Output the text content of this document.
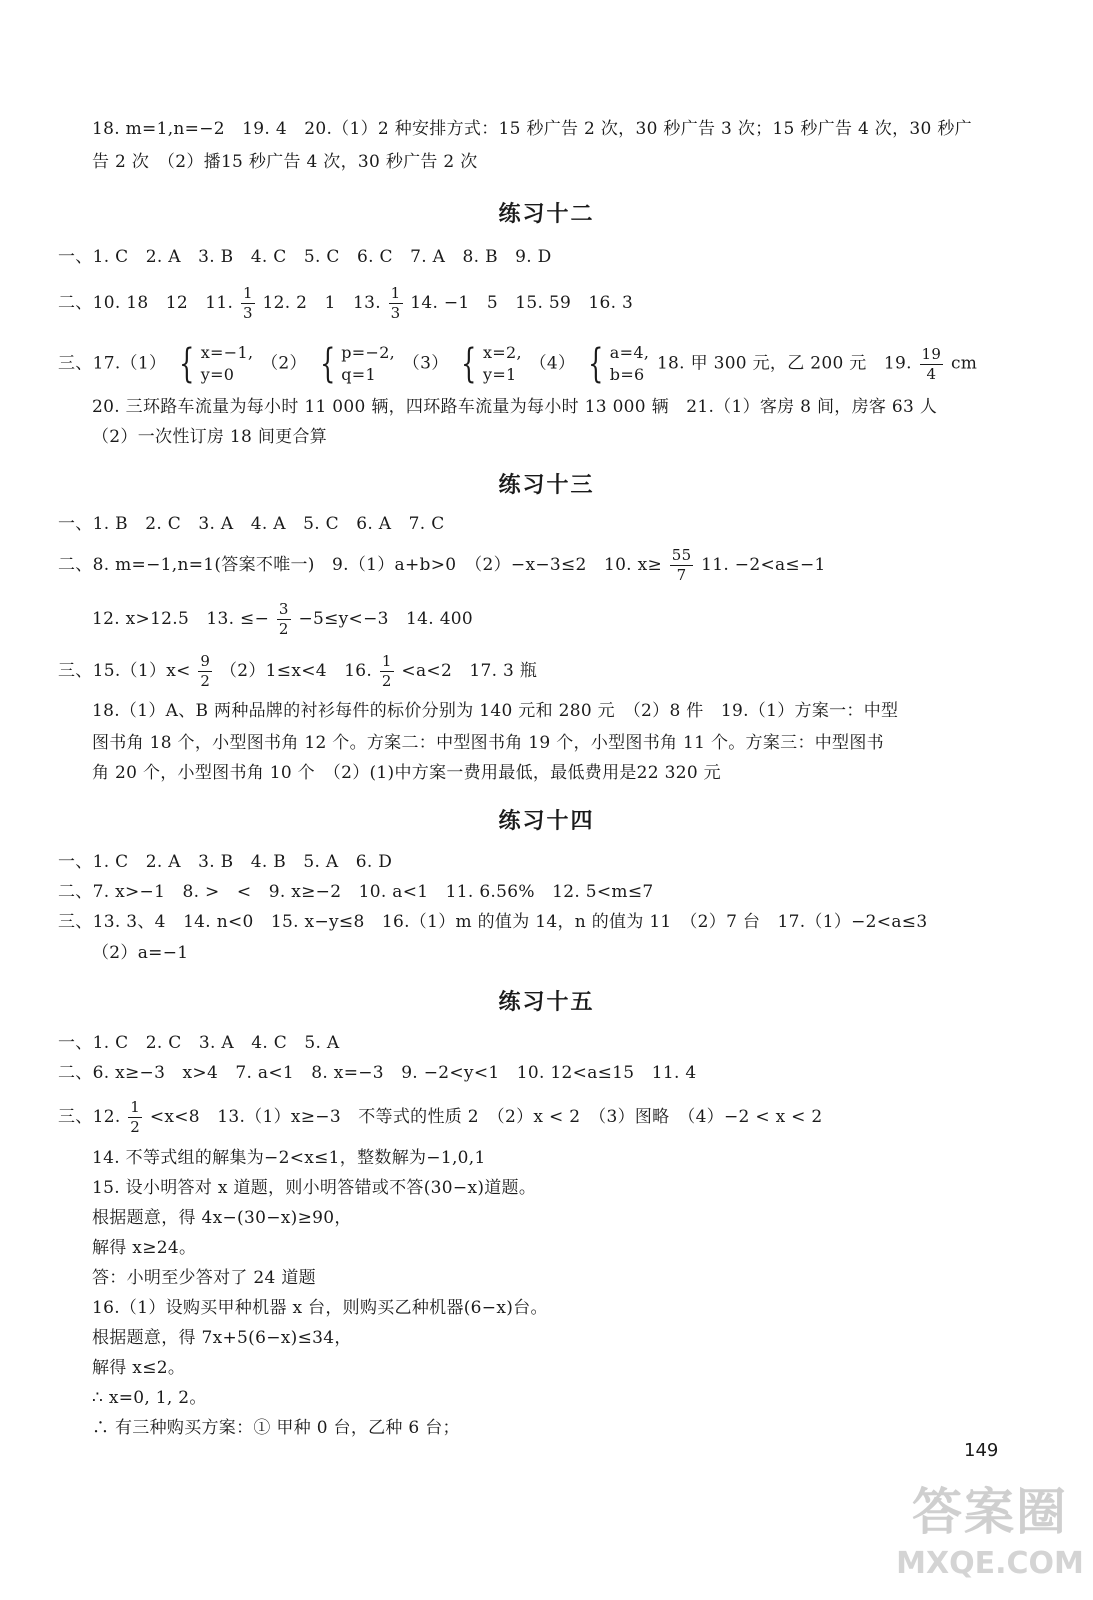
18. m=1,n=−2　19. 4　20.（1）2 种安排方式：15 秒广告 2 次，30 秒广告 3 次；15 秒广告 4 次，30 秒广
告 2 次　（2）播15 秒广告 4 次，30 秒广告 2 次
练习十二
一、1. C　2. A　3. B　4. C　5. C　6. C　7. A　8. B　9. D
二、10. 18　12　11. $\frac{1}{3} 12$. 2　1　13. $\frac{1}{3} 14$. −1　5　15. 59　16. 3
三、17.（1） { x=−1,
y=0
（2） { p=−2,
q=1
（3） { x=2,
y=1
（4） { a=4,
b=6
18. 甲 300 元，乙 200 元　19. $\frac{19}{4}$ cm
20. 三环路车流量为每小时 11 000 辆，四环路车流量为每小时 13 000 辆　21.（1）客房 8 间，房客 63 人
（2）一次性订房 18 间更合算
练习十三
一、1. B　2. C　3. A　4. A　5. C　6. A　7. C
二、8. m=−1,n=1(答案不唯一)　9.（1）a+b>0　（2）−x−3≤2　10. $x\ge \frac{55}{7} 11$. −2<a≤−1
12. x>12.5　13. ≤− $\frac{3}{2} -5\le y<-3$　14. 400
三、$15.(1)x< \frac{9}{2} (2)1\le x<4$　16. $\frac{1}{2} <a<2$　17. 3 瓶
18.（1）A、B 两种品牌的衬衫每件的标价分别为 140 元和 280 元　（2）8 件　19.（1）方案一：中型
图书角 18 个，小型图书角 12 个。方案二：中型图书角 19 个，小型图书角 11 个。方案三：中型图书
角 20 个，小型图书角 10 个　（2）(1)中方案一费用最低，最低费用是22 320 元
练习十四
一、1. C　2. A　3. B　4. B　5. A　6. D
二、7. x>−1　8. >　<　9. x≥−2　10. a<1　11. 6.56%　12. 5<m≤7
三、13. 3、4　14. n<0　15. x−y≤8　16.（1）m 的值为 14，n 的值为 11　（2）7 台　17.（1）−2<a≤3
（2）a=−1
练习十五
一、1. C　2. C　3. A　4. C　5. A
二、6. x≥−3　x>4　7. a<1　8. x=−3　9. −2<y<1　10. 12<a≤15　11. 4
三、12. $\frac{1}{2} <x<8$　13.（1）x≥−3　不等式的性质 2　（2）x < 2　（3）图略　（4）−2 < x < 2
14. 不等式组的解集为−2<x≤1，整数解为−1,0,1
15. 设小明答对 x 道题，则小明答错或不答(30−x)道题。
根据题意，得 4x−(30−x)≥90，
解得 x≥24。
答：小明至少答对了 24 道题
16.（1）设购买甲种机器 x 台，则购买乙种机器(6−x)台。
根据题意，得 7x+5(6−x)≤34，
解得 x≤2。
∴ x=0, 1, 2。
∴ 有三种购买方案：① 甲种 0 台，乙种 6 台；
149
答案圈
MXQE.COM
